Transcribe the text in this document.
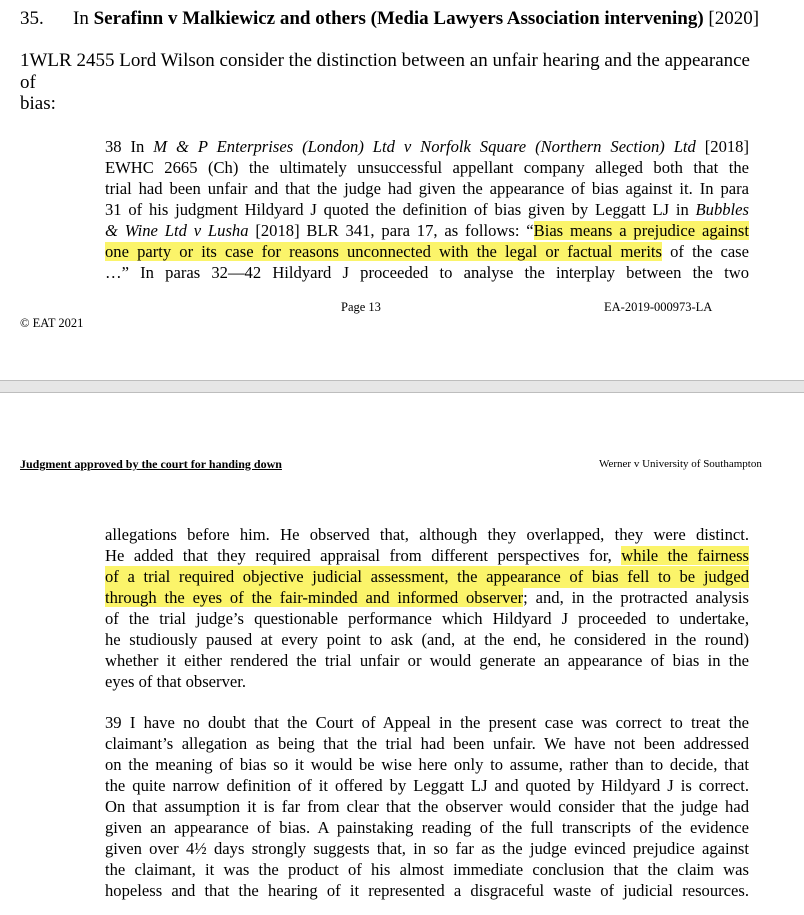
35. In Serafinn v Malkiewicz and others (Media Lawyers Association intervening) [2020]
1WLR 2455 Lord Wilson consider the distinction between an unfair hearing and the appearance of
bias:
38 In M & P Enterprises (London) Ltd v Norfolk Square (Northern Section) Ltd [2018]
EWHC 2665 (Ch) the ultimately unsuccessful appellant company alleged both that the
trial had been unfair and that the judge had given the appearance of bias against it. In para
31 of his judgment Hildyard J quoted the definition of bias given by Leggatt LJ in Bubbles
& Wine Ltd v Lusha [2018] BLR 341, para 17, as follows: “Bias means a prejudice against
one party or its case for reasons unconnected with the legal or factual merits of the case
…” In paras 32—42 Hildyard J proceeded to analyse the interplay between the two
Page 13	EA-2019-000973-LA
© EAT 2021
Judgment approved by the court for handing down	Werner v University of Southampton
allegations before him. He observed that, although they overlapped, they were distinct.
He added that they required appraisal from different perspectives for, while the fairness
of a trial required objective judicial assessment, the appearance of bias fell to be judged
through the eyes of the fair-minded and informed observer; and, in the protracted analysis
of the trial judge’s questionable performance which Hildyard J proceeded to undertake,
he studiously paused at every point to ask (and, at the end, he considered in the round)
whether it either rendered the trial unfair or would generate an appearance of bias in the
eyes of that observer.
39 I have no doubt that the Court of Appeal in the present case was correct to treat the
claimant’s allegation as being that the trial had been unfair. We have not been addressed
on the meaning of bias so it would be wise here only to assume, rather than to decide, that
the quite narrow definition of it offered by Leggatt LJ and quoted by Hildyard J is correct.
On that assumption it is far from clear that the observer would consider that the judge had
given an appearance of bias. A painstaking reading of the full transcripts of the evidence
given over 4½ days strongly suggests that, in so far as the judge evinced prejudice against
the claimant, it was the product of his almost immediate conclusion that the claim was
hopeless and that the hearing of it represented a disgraceful waste of judicial resources.
